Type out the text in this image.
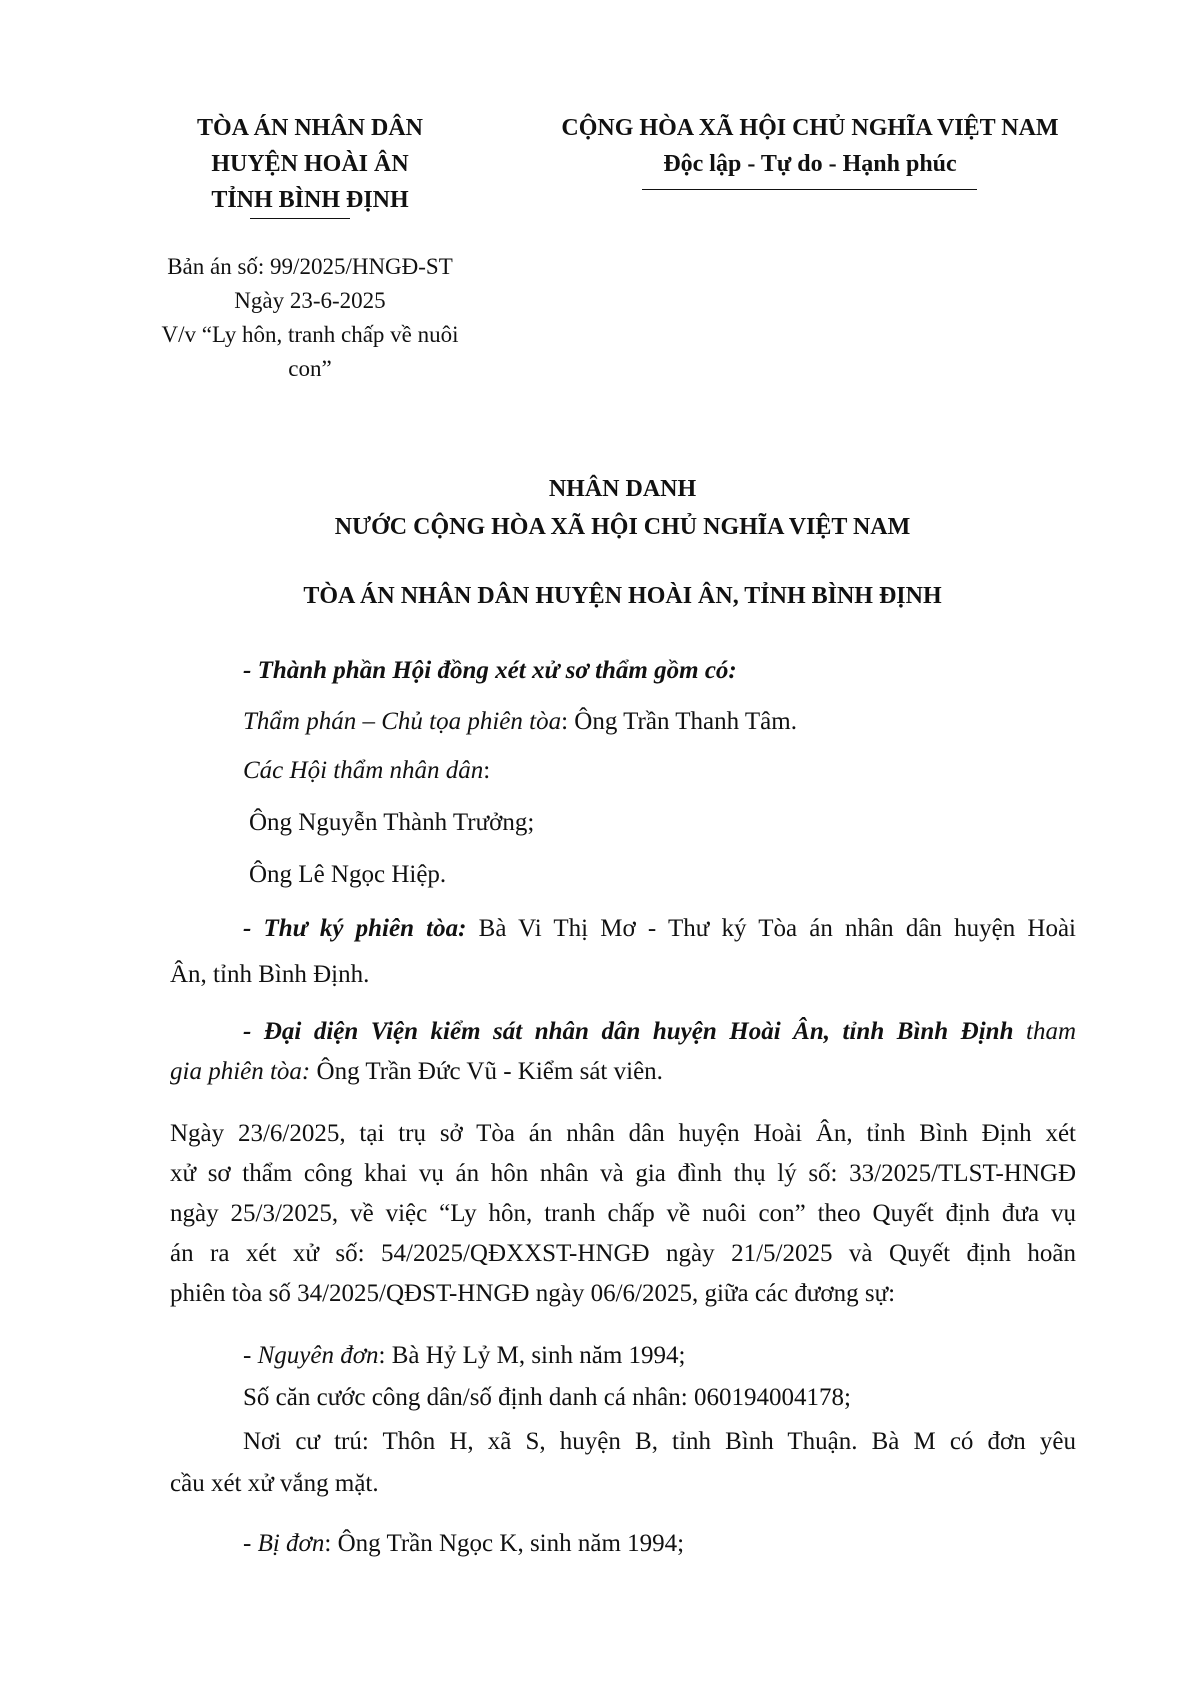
TÒA ÁN NHÂN DÂN
HUYỆN HOÀI ÂN
TỈNH BÌNH ĐỊNH
Bản án số: 99/2025/HNGĐ-ST
Ngày 23-6-2025
V/v “Ly hôn, tranh chấp về nuôi
con”
CỘNG HÒA XÃ HỘI CHỦ NGHĨA VIỆT NAM
Độc lập - Tự do - Hạnh phúc
NHÂN DANH
NƯỚC CỘNG HÒA XÃ HỘI CHỦ NGHĨA VIỆT NAM
TÒA ÁN NHÂN DÂN HUYỆN HOÀI ÂN, TỈNH BÌNH ĐỊNH
- Thành phần Hội đồng xét xử sơ thẩm gồm có:
Thẩm phán – Chủ tọa phiên tòa: Ông Trần Thanh Tâm.
Các Hội thẩm nhân dân:
Ông Nguyễn Thành Trưởng;
Ông Lê Ngọc Hiệp.
- Thư ký phiên tòa: Bà Vi Thị Mơ - Thư ký Tòa án nhân dân huyện Hoài
Ân, tỉnh Bình Định.
- Đại diện Viện kiểm sát nhân dân huyện Hoài Ân, tỉnh Bình Định tham
gia phiên tòa: Ông Trần Đức Vũ - Kiểm sát viên.
Ngày 23/6/2025, tại trụ sở Tòa án nhân dân huyện Hoài Ân, tỉnh Bình Định xét
xử sơ thẩm công khai vụ án hôn nhân và gia đình thụ lý số: 33/2025/TLST-HNGĐ
ngày 25/3/2025, về việc “Ly hôn, tranh chấp về nuôi con” theo Quyết định đưa vụ
án ra xét xử số: 54/2025/QĐXXST-HNGĐ ngày 21/5/2025 và Quyết định hoãn
phiên tòa số 34/2025/QĐST-HNGĐ ngày 06/6/2025, giữa các đương sự:
- Nguyên đơn: Bà Hỷ Lỷ M, sinh năm 1994;
Số căn cước công dân/số định danh cá nhân: 060194004178;
Nơi cư trú: Thôn H, xã S, huyện B, tỉnh Bình Thuận. Bà M có đơn yêu
cầu xét xử vắng mặt.
- Bị đơn: Ông Trần Ngọc K, sinh năm 1994;
